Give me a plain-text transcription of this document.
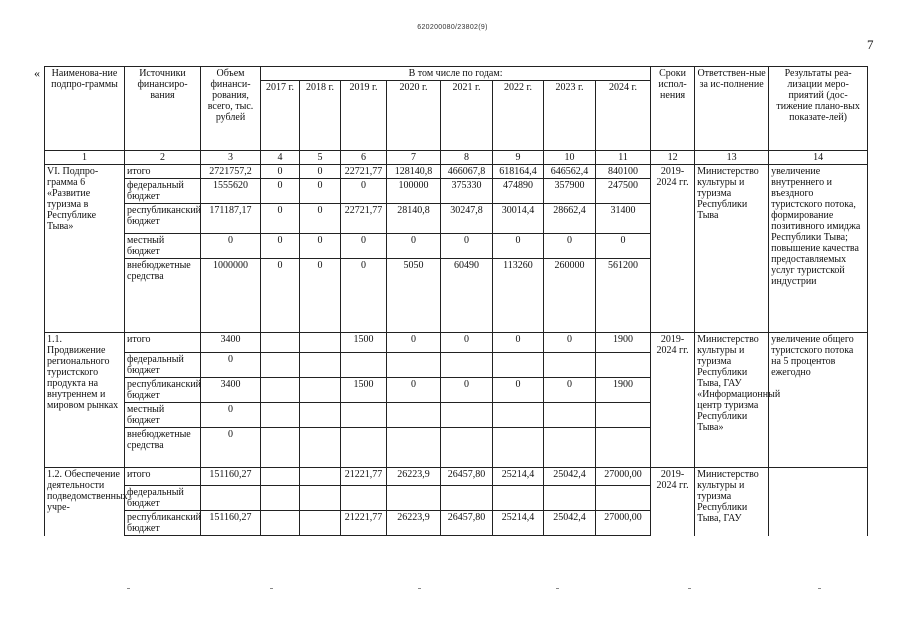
620200080/23802(9)
7
« Наименова-ние подпро-граммы	Источники финансиро-вания	Объем финанси-рования, всего, тыс. рублей	В том числе по годам:								Сроки испол-нения	Ответствен-ные за ис-полнение	Результаты реа-лизации меро-приятий (дос-тижение плано-вых показате-лей)
			2017 г.	2018 г.	2019 г.	2020 г.	2021 г.	2022 г.	2023 г.	2024 г.			
1	2	3	4	5	6	7	8	9	10	11	12	13	14
VI. Подпро-грамма 6 «Развитие туризма в Республике Тыва»	итого	2721757,2	0	0	22721,77	128140,8	466067,8	618164,4	646562,4	840100	2019-2024 гг.	Министерство культуры и туризма Республики Тыва	увеличение внутреннего и въездного туристского потока, формирование позитивного имиджа Республики Тыва; повышение качества предоставляемых услуг туристской индустрии
	федеральный бюджет	1555620	0	0	0	100000	375330	474890	357900	247500			
	республиканский бюджет	171187,17	0	0	22721,77	28140,8	30247,8	30014,4	28662,4	31400			
	местный бюджет	0	0	0	0	0	0	0	0	0			
	внебюджетные средства	1000000	0	0	0	5050	60490	113260	260000	561200			
1.1. Продвижение регионального туристского продукта на внутреннем и мировом рынках	итого	3400			1500	0	0	0	0	1900	2019-2024 гг.	Министерство культуры и туризма Республики Тыва, ГАУ «Информационный центр туризма Республики Тыва»	увеличение общего туристского потока на 5 процентов ежегодно
	федеральный бюджет	0											
	республиканский бюджет	3400			1500	0	0	0	0	1900			
	местный бюджет	0											
	внебюджетные средства	0											
1.2. Обеспечение деятельности подведомственных учре-	итого	151160,27			21221,77	26223,9	26457,80	25214,4	25042,4	27000,00	2019-2024 гг.	Министерство культуры и туризма Республики Тыва, ГАУ	
	федеральный бюджет												
	республиканский бюджет	151160,27			21221,77	26223,9	26457,80	25214,4	25042,4	27000,00			
